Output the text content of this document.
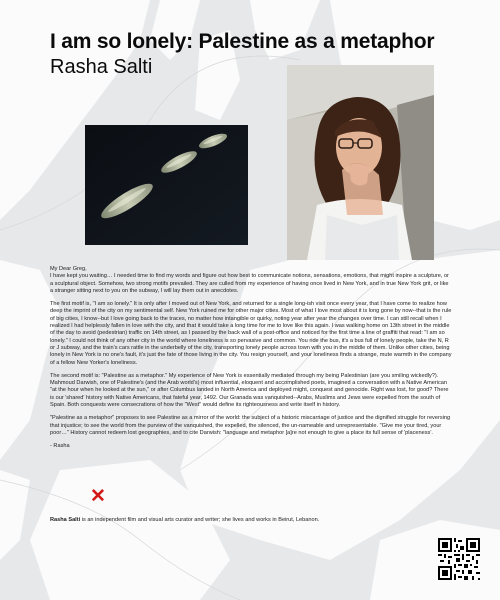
I am so lonely: Palestine as a metaphor
Rasha Salti

My Dear Greg,

I have kept you waiting… I needed time to find my words and figure out how best to communicate notions, sensations, emotions, that might inspire a sculpture, or a sculptural object. Somehow, two strong motifs prevailed. They are culled from my experience of having once lived in New York, and in true New York grit, or like a stranger sitting next to you on the subway, I will lay them out in anecdotes.

The first motif is, "I am so lonely." It is only after I moved out of New York, and returned for a single long-ish visit once every year, that I have come to realize how deep the imprint of the city on my sentimental self. New York ruined me for other major cities. Most of what I love most about it is long gone by now--that is the rule of big cities, I know--but I love going back to the traces, no matter how intangible or quirky, noting year after year the changes over time. I can still recall when I realized I had helplessly fallen in love with the city, and that it would take a long time for me to love like this again. I was walking home on 13th street in the middle of the day to avoid (pedestrian) traffic on 14th street, as I passed by the back wall of a post-office and noticed for the first time a line of graffiti that read: "I am so lonely." I could not think of any other city in the world where loneliness is so pervasive and common. You ride the bus, it's a bus full of lonely people, take the N, R or J subway, and the train's cars rattle in the underbelly of the city, transporting lonely people across town with you in the middle of them. Unlike other cities, being lonely in New York is no one's fault, it's just the fate of those living in the city. You resign yourself, and your loneliness finds a strange, mute warmth in the company of a fellow New Yorker's loneliness.

The second motif is: "Palestine as a metaphor." My experience of New York is essentially mediated through my being Palestinian (are you smiling wickedly?). Mahmoud Darwish, one of Palestine's (and the Arab world's) most influential, eloquent and accomplished poets, imagined a conversation with a Native American "at the hour when he looked at the sun," or after Columbus landed in North America and deployed might, conquest and genocide. Right was lost, for good? There is our 'shared' history with Native Americans, that fateful year, 1492. Our Granada was vanquished--Arabs, Muslims and Jews were expelled from the south of Spain. Both conquests were consecrations of how the "West" would define its righteousness and write itself in history.

"Palestine as a metaphor" proposes to see Palestine as a mirror of the world: the subject of a historic miscarriage of justice and the dignified struggle for reversing that injustice; to see the world from the purview of the vanquished, the expelled, the silenced, the un-nameable and unrepresentable. "Give me your tired, your poor…" History cannot redeem lost geographies, and to cite Darwish: "language and metaphor [a]re not enough to give a place its full sense of 'placeness'.

- Rasha

✕
Rasha Salti is an independent film and visual arts curator and writer; she lives and works in Beirut, Lebanon.
